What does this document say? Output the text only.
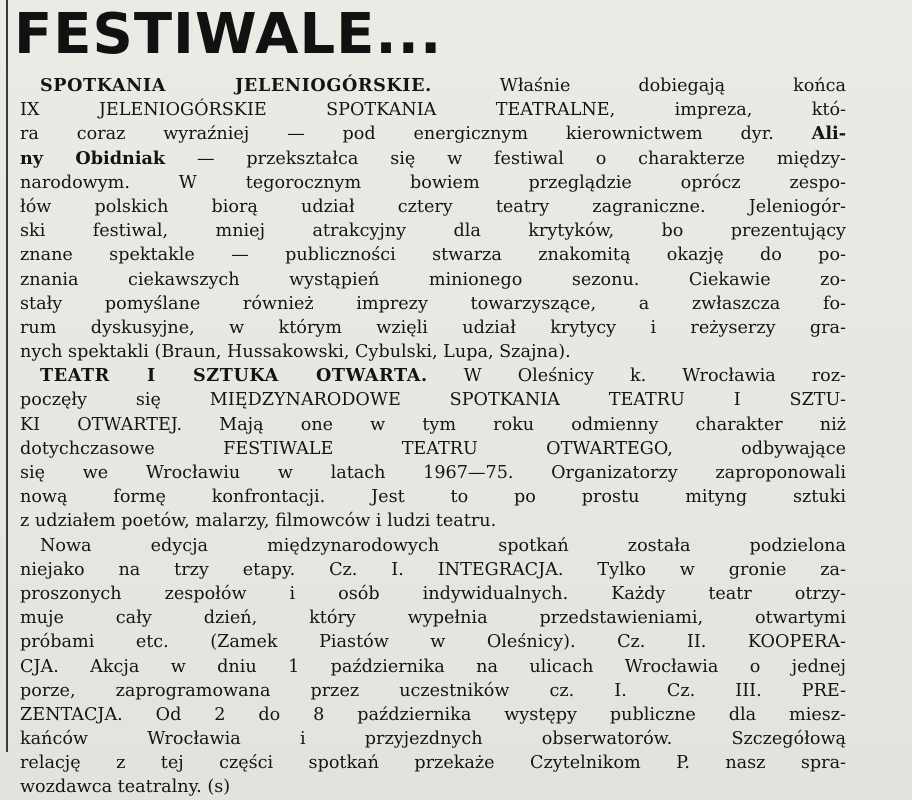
FESTIWALE...
SPOTKANIA JELENIOGÓRSKIE. Właśnie dobiegają końca
IX JELENIOGÓRSKIE SPOTKANIA TEATRALNE, impreza, któ-
ra coraz wyraźniej — pod energicznym kierownictwem dyr. Ali-
ny Obidniak — przekształca się w festiwal o charakterze między-
narodowym. W tegorocznym bowiem przeglądzie oprócz zespo-
łów polskich biorą udział cztery teatry zagraniczne. Jeleniogór-
ski festiwal, mniej atrakcyjny dla krytyków, bo prezentujący
znane spektakle — publiczności stwarza znakomitą okazję do po-
znania ciekawszych wystąpień minionego sezonu. Ciekawie zo-
stały pomyślane również imprezy towarzyszące, a zwłaszcza fo-
rum dyskusyjne, w którym wzięli udział krytycy i reżyserzy gra-
nych spektakli (Braun, Hussakowski, Cybulski, Lupa, Szajna).
TEATR I SZTUKA OTWARTA. W Oleśnicy k. Wrocławia roz-
poczęły się MIĘDZYNARODOWE SPOTKANIA TEATRU I SZTU-
KI OTWARTEJ. Mają one w tym roku odmienny charakter niż
dotychczasowe FESTIWALE TEATRU OTWARTEGO, odbywające
się we Wrocławiu w latach 1967—75. Organizatorzy zaproponowali
nową formę konfrontacji. Jest to po prostu mityng sztuki
z udziałem poetów, malarzy, filmowców i ludzi teatru.
Nowa edycja międzynarodowych spotkań została podzielona
niejako na trzy etapy. Cz. I. INTEGRACJA. Tylko w gronie za-
proszonych zespołów i osób indywidualnych. Każdy teatr otrzy-
muje cały dzień, który wypełnia przedstawieniami, otwartymi
próbami etc. (Zamek Piastów w Oleśnicy). Cz. II. KOOPERA-
CJA. Akcja w dniu 1 października na ulicach Wrocławia o jednej
porze, zaprogramowana przez uczestników cz. I. Cz. III. PRE-
ZENTACJA. Od 2 do 8 października występy publiczne dla miesz-
kańców Wrocławia i przyjezdnych obserwatorów. Szczegółową
relację z tej części spotkań przekaże Czytelnikom P. nasz spra-
wozdawca teatralny. (s)
